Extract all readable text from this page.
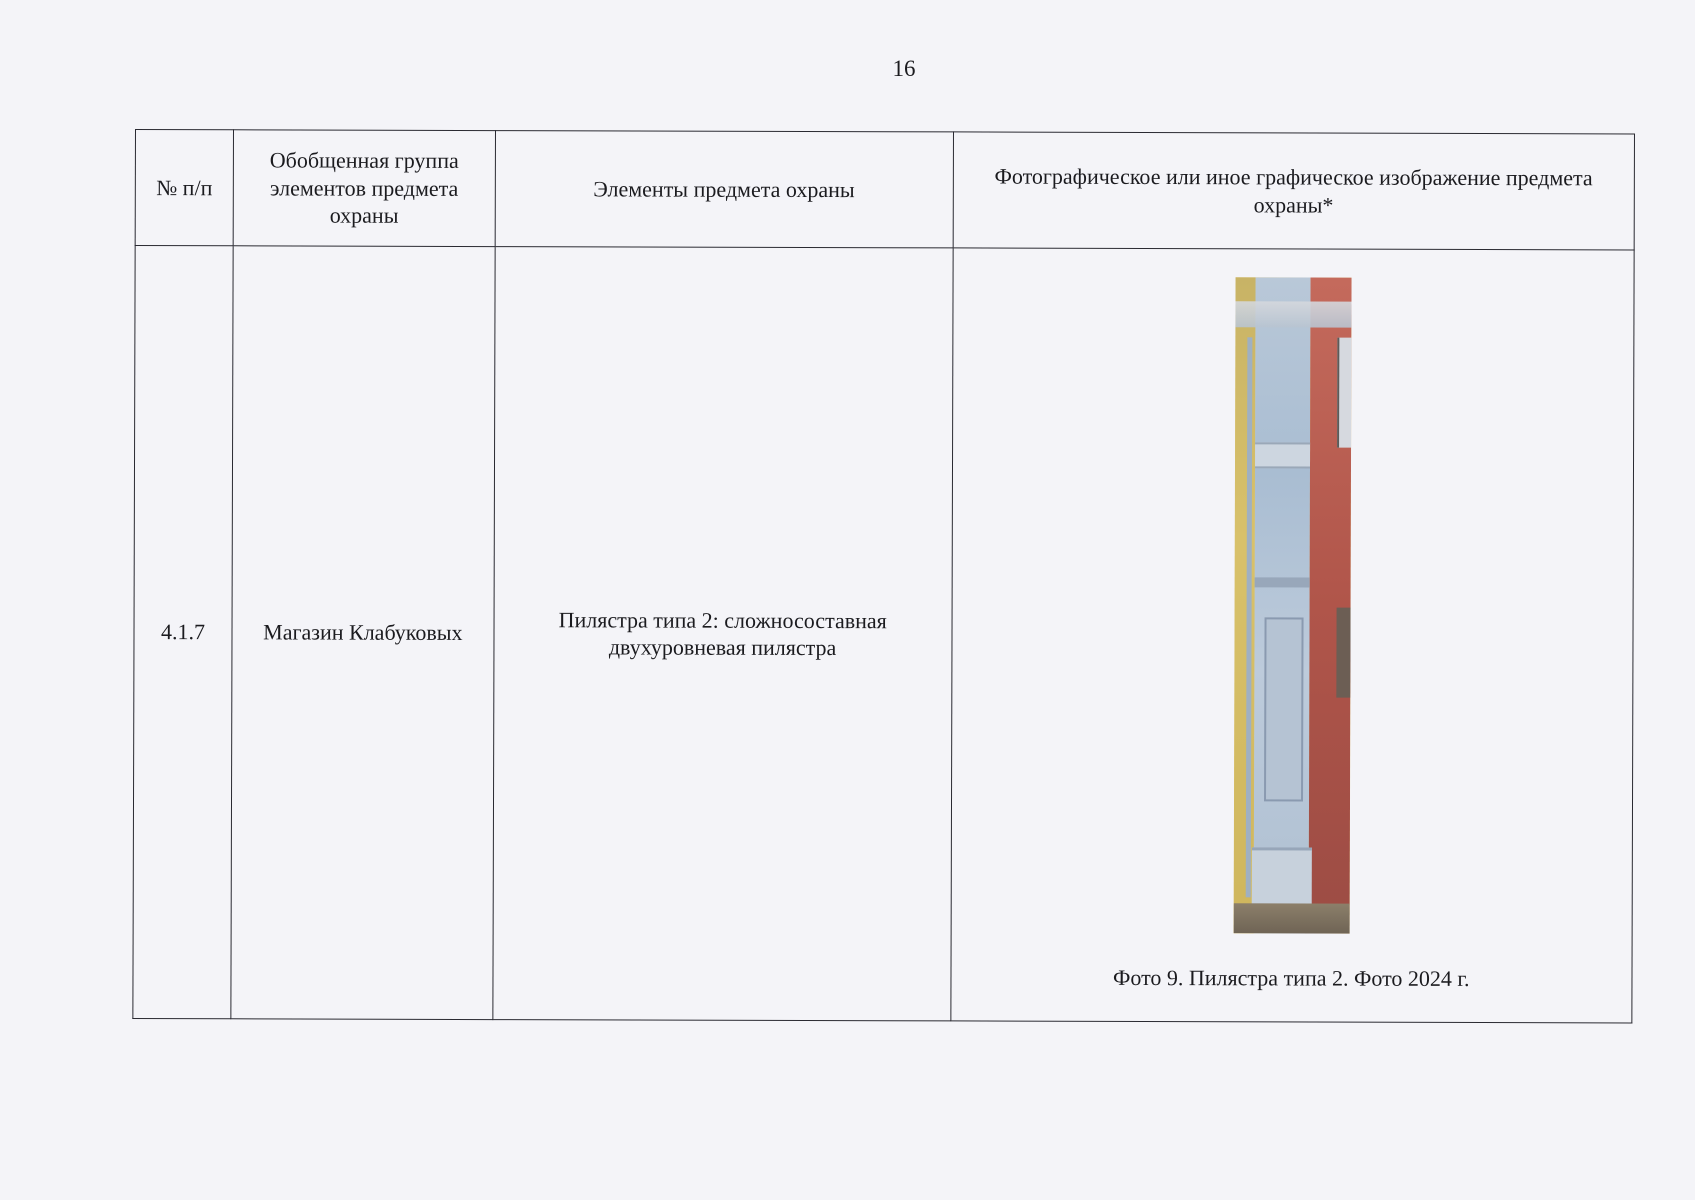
16
№ п/п	Обобщенная группа элементов предмета охраны	Элементы предмета охраны	Фотографическое или иное графическое изображение предмета охраны*
4.1.7	Магазин Клабуковых	Пилястра типа 2: сложносоставная двухуровневая пилястра	Фото 9. Пилястра типа 2. Фото 2024 г.
